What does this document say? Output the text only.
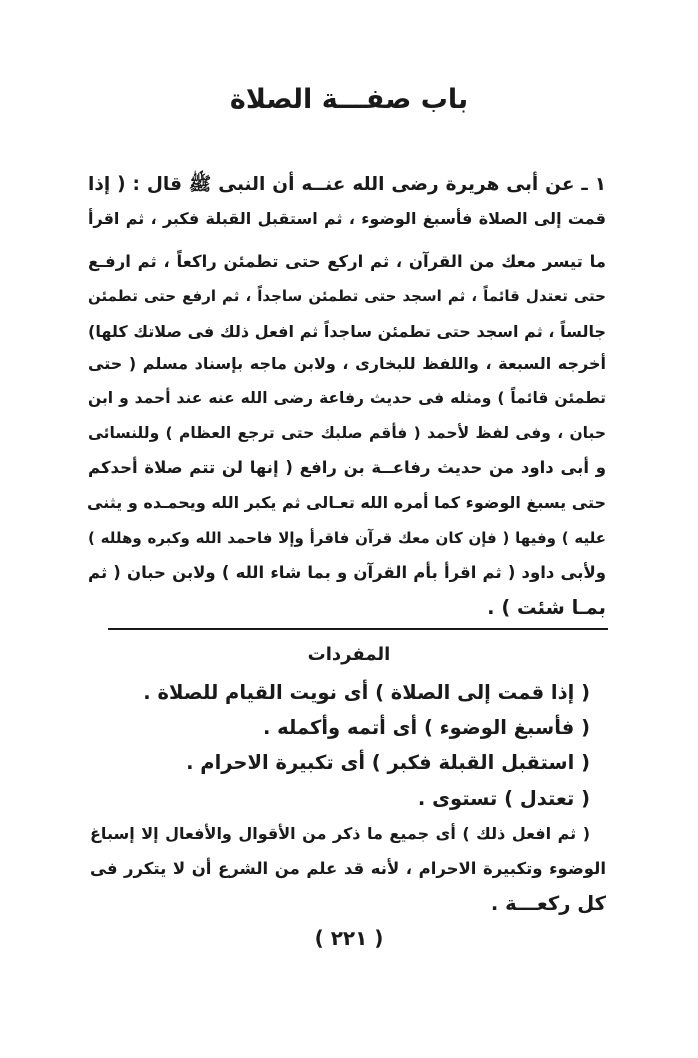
باب صفـــة الصلاة
١ ـ عن أبى هريرة رضى الله عنــه أن النبى ﷺ قال : ( إذا
قمت إلى الصلاة فأسبغ الوضوء ، ثم استقبل القبلة فكبر ، ثم اقرأ
ما تيسر معك من القرآن ، ثم اركع حتى تطمئن راكعاً ، ثم ارفـع
حتى تعتدل قائماً ، ثم اسجد حتى تطمئن ساجداً ، ثم ارفع حتى تطمئن
جالساً ، ثم اسجد حتى تطمئن ساجداً ثم افعل ذلك فى صلاتك كلها)
أخرجه السبعة ، واللفظ للبخارى ، ولابن ماجه بإسناد مسلم ( حتى
تطمئن قائماً ) ومثله فى حديث رفاعة رضى الله عنه عند أحمد و ابن
حبان ، وفى لفظ لأحمد ( فأقم صلبك حتى ترجع العظام ) وللنسائى
و أبى داود من حديث رفاعــة بن رافع ( إنها لن تتم صلاة أحدكم
حتى يسبغ الوضوء كما أمره الله تعـالى ثم يكبر الله ويحمـده و يثنى
عليه ) وفيها ( فإن كان معك قرآن فاقرأ وإلا فاحمد الله وكبره وهلله )
ولأبى داود ( ثم اقرأ بأم القرآن و بما شاء الله ) ولابن حبان ( ثم
بمـا شئت ) .
المفردات
( إذا قمت إلى الصلاة ) أى نويت القيام للصلاة .
( فأسبغ الوضوء ) أى أتمه وأكمله .
( استقبل القبلة فكبر ) أى تكبيرة الاحرام .
( تعتدل ) تستوى .
( ثم افعل ذلك ) أى جميع ما ذكر من الأقوال والأفعال إلا إسباغ
الوضوء وتكبيرة الاحرام ، لأنه قد علم من الشرع أن لا يتكرر فى
كل ركعـــة .
( ٢٢١ )
